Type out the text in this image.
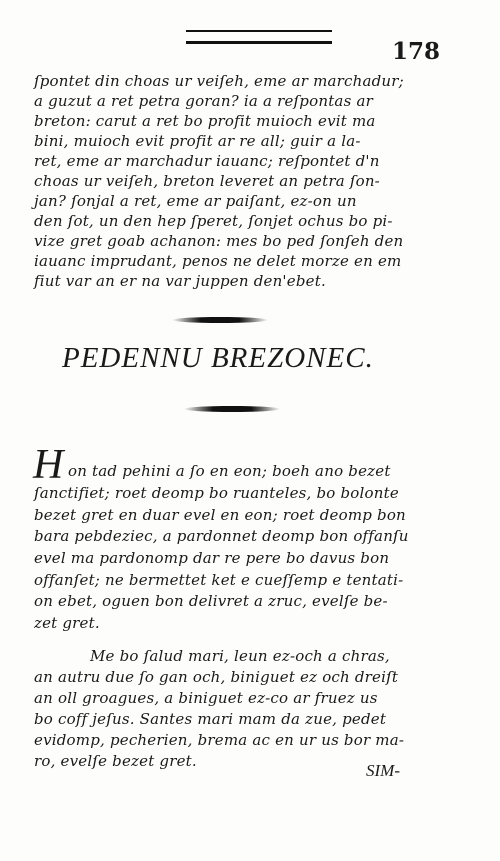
178
ſpontet din choas ur veiſeh, eme ar marchadur;
a guzut a ret petra goran? ia a reſpontas ar
breton: carut a ret bo profit muioch evit ma
bini, muioch evit profit ar re all; guir a la-
ret, eme ar marchadur iauanc; reſpontet d'n
choas ur veiſeh, breton leveret an petra ſon-
jan? ſonjal a ret, eme ar paiſant, ez-on un
den ſot, un den hep ſperet, ſonjet ochus bo pi-
vize gret goab achanon: mes bo ped ſonſeh den
iauanc imprudant, penos ne delet morze en em
fiut var an er na var juppen den'ebet.
PEDENNU BREZONEC.
H on tad pehini a ſo en eon; boeh ano bezet
ſanctifiet; roet deomp bo ruanteles, bo bolonte
bezet gret en duar evel en eon; roet deomp bon
bara pebdeziec, a pardonnet deomp bon offanſu
evel ma pardonomp dar re pere bo davus bon
offanſet; ne bermettet ket e cueſſemp e tentati-
on ebet, oguen bon delivret a zruc, evelſe be-
zet gret.
Me bo ſalud mari, leun ez-och a chras,
an autru due ſo gan och, biniguet ez och dreiſt
an oll groagues, a biniguet ez-co ar fruez us
bo coff jeſus. Santes mari mam da zue, pedet
evidomp, pecherien, brema ac en ur us bor ma-
ro, evelſe bezet gret.	SIM-
